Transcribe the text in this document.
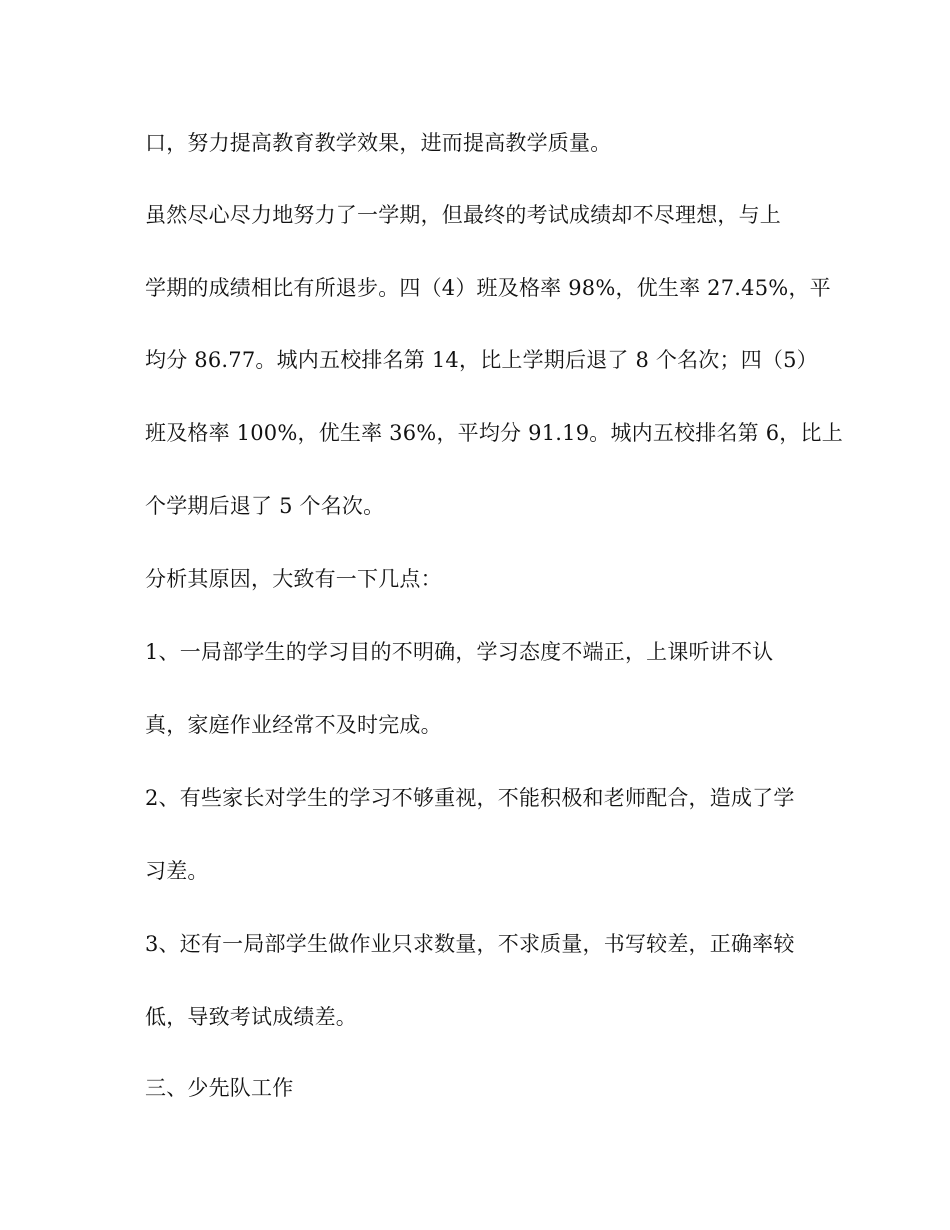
口，努力提高教育教学效果，进而提高教学质量。
虽然尽心尽力地努力了一学期，但最终的考试成绩却不尽理想，与上
学期的成绩相比有所退步。四（4）班及格率 98%，优生率 27.45%，平
均分 86.77。城内五校排名第 14，比上学期后退了 8 个名次；四（5）
班及格率 100%，优生率 36%，平均分 91.19。城内五校排名第 6，比上
个学期后退了 5 个名次。
分析其原因，大致有一下几点：
1、一局部学生的学习目的不明确，学习态度不端正，上课听讲不认
真，家庭作业经常不及时完成。
2、有些家长对学生的学习不够重视，不能积极和老师配合，造成了学
习差。
3、还有一局部学生做作业只求数量，不求质量，书写较差，正确率较
低，导致考试成绩差。
三、少先队工作
